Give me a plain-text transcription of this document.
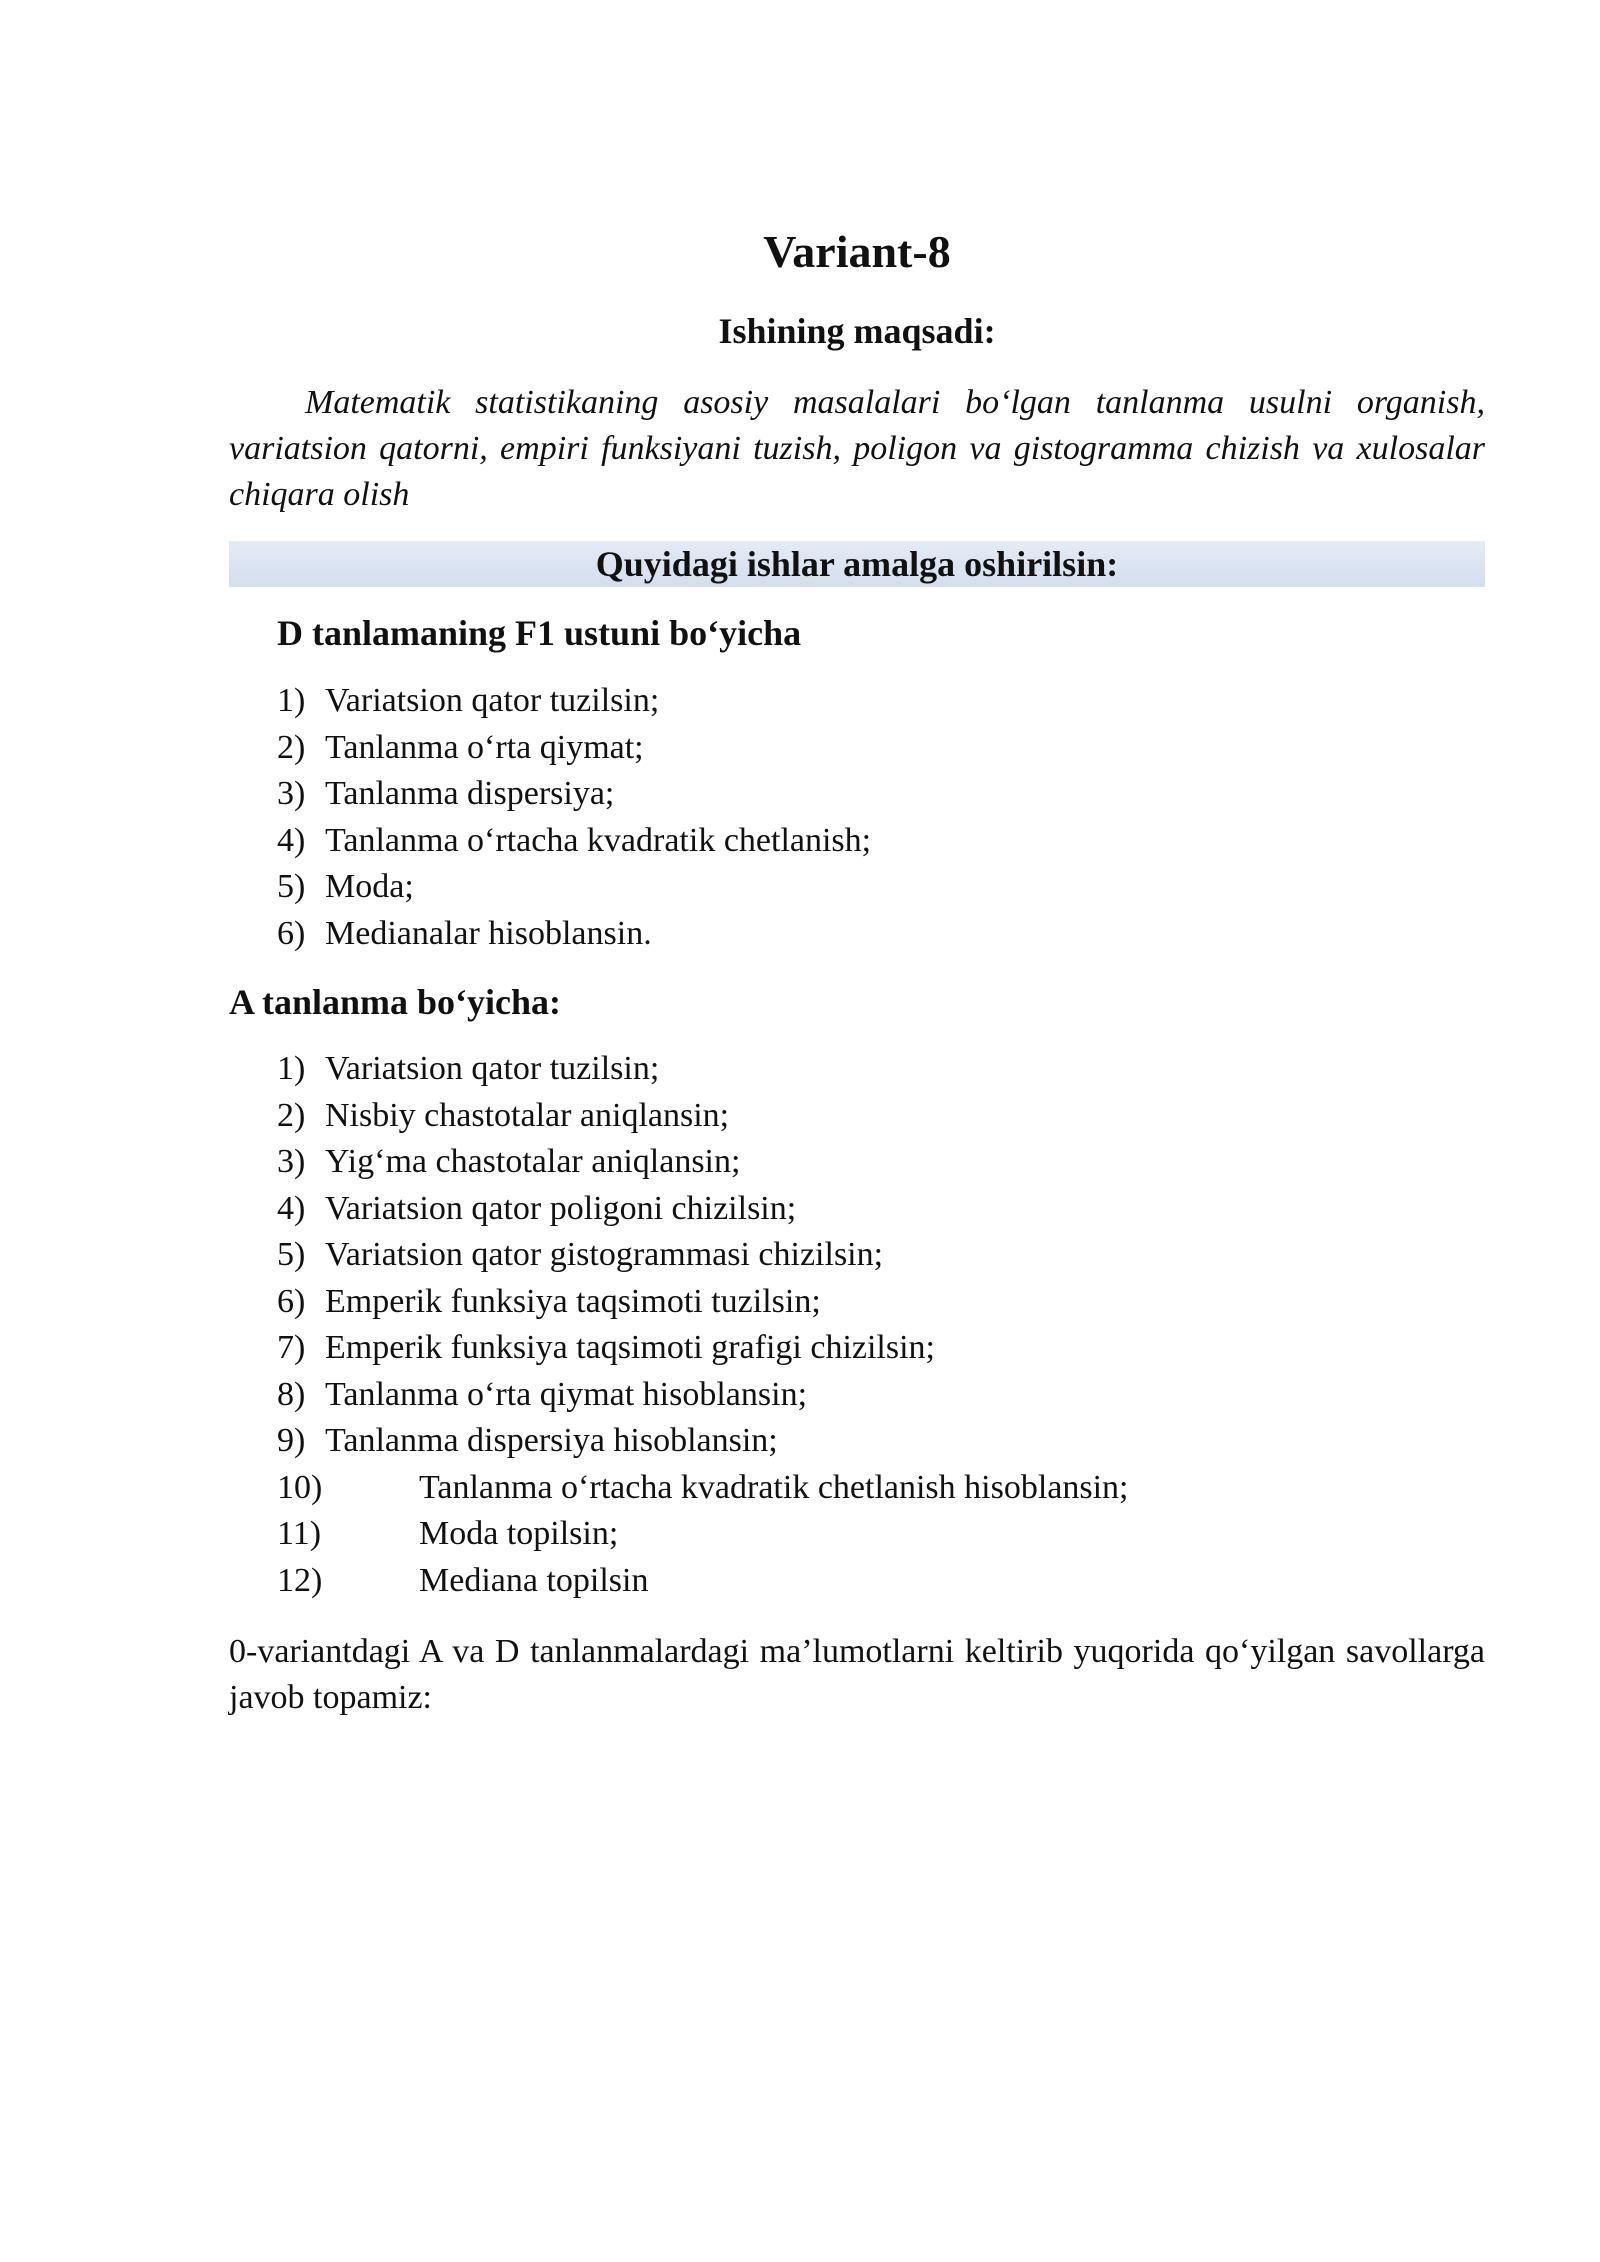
Variant-8
Ishining maqsadi:
Matematik statistikaning asosiy masalalari bo‘lgan tanlanma usulni organish, variatsion qatorni, empiri funksiyani tuzish, poligon va gistogramma chizish va xulosalar chiqara olish
Quyidagi ishlar amalga oshirilsin:
D tanlamaning F1 ustuni bo‘yicha
1) Variatsion qator tuzilsin;
2) Tanlanma o‘rta qiymat;
3) Tanlanma dispersiya;
4) Tanlanma o‘rtacha kvadratik chetlanish;
5) Moda;
6) Medianalar hisoblansin.
A tanlanma bo‘yicha:
1) Variatsion qator tuzilsin;
2) Nisbiy chastotalar aniqlansin;
3) Yig‘ma chastotalar aniqlansin;
4) Variatsion qator poligoni chizilsin;
5) Variatsion qator gistogrammasi chizilsin;
6) Emperik funksiya taqsimoti tuzilsin;
7) Emperik funksiya taqsimoti grafigi chizilsin;
8) Tanlanma o‘rta qiymat hisoblansin;
9) Tanlanma dispersiya hisoblansin;
10)	Tanlanma o‘rtacha kvadratik chetlanish hisoblansin;
11)	Moda topilsin;
12)	Mediana topilsin
0-variantdagi A va D tanlanmalardagi ma’lumotlarni keltirib yuqorida qo‘yilgan savollarga javob topamiz:
